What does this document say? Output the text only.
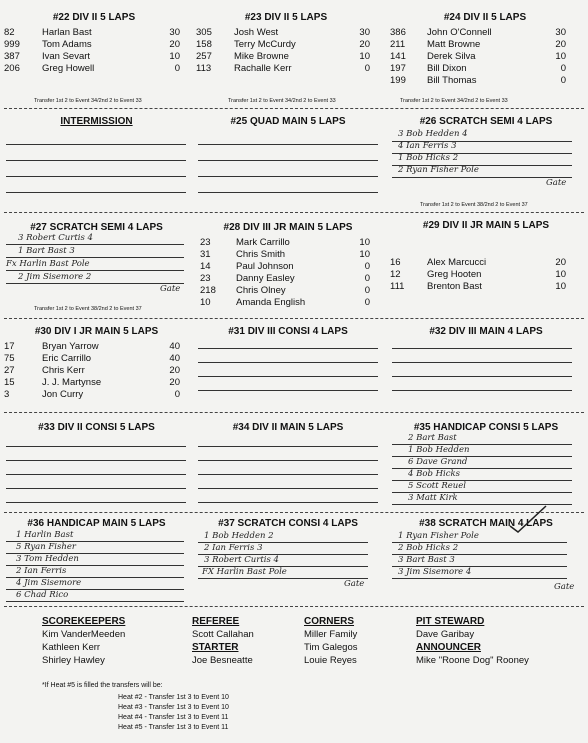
#22 DIV II 5 LAPS
82	Harlan Bast	30
999 Tom Adams	20
387 Ivan Sevart	10
206 Greg Howell	0
Transfer 1st 2 to Event 34/2nd 2 to Event 33
#23 DIV II 5 LAPS
305 Josh West	30
158 Terry McCurdy	20
257 Mike Browne	10
113 Rachalle Kerr	0
Transfer 1st 2 to Event 34/2nd 2 to Event 33
#24 DIV II 5 LAPS
386 John O'Connell	30
211 Matt Browne	20
141 Derek Silva	10
197 Bill Dixon	0
199 Bill Thomas	0
Transfer 1st 2 to Event 34/2nd 2 to Event 33
INTERMISSION	#25 QUAD MAIN 5 LAPS	#26 SCRATCH SEMI 4 LAPS
3 Bob Hedden 4
4 Ian Ferris 3
1 Bob Hicks 2
2 Ryan Fisher Pole
Gate
Transfer 1st 2 to Event 38/2nd 2 to Event 37
#27 SCRATCH SEMI 4 LAPS
3 Robert Curtis 4
1 Bart Bast 3
Fx Harlin Bast Pole
2 Jim Sisemore 2
Gate
Transfer 1st 2 to Event 38/2nd 2 to Event 37
#28 DIV III JR MAIN 5 LAPS
23	Mark Carrillo	10
31	Chris Smith	10
14	Paul Johnson	0
23	Danny Easley	0
218 Chris Olney	0
10	Amanda English	0
#29 DIV II JR MAIN 5 LAPS
16	Alex Marcucci	20
12	Greg Hooten	10
111 Brenton Bast	10
#30 DIV I JR MAIN 5 LAPS
17	Bryan Yarrow	40
75	Eric Carrillo	40
27	Chris Kerr	20
15	J. J. Martynse	20
3	Jon Curry	0
#31 DIV III CONSI 4 LAPS	#32 DIV III MAIN 4 LAPS
#33 DIV II CONSI 5 LAPS	#34 DIV II MAIN 5 LAPS	#35 HANDICAP CONSI 5 LAPS
2 Bart Bast
1 Bob Hedden
6 Dave Grand
4 Bob Hicks
5 Scott Reuel
3 Matt Kirk
#36 HANDICAP MAIN 5 LAPS
1 Harlin Bast
5 Ryan Fisher
3 Tom Hedden
2 Ian Ferris
4 Jim Sisemore
6 Chad Rico
#37 SCRATCH CONSI 4 LAPS
1 Bob Hedden 2
2 Ian Ferris 3
3 Robert Curtis 4
FX Harlin Bast Pole
Gate
#38 SCRATCH MAIN 4 LAPS
1 Ryan Fisher Pole
2 Bob Hicks 2
3 Bart Bast 3
3 Jim Sisemore 4
Gate
SCOREKEEPERS
Kim VanderMeeden
Kathleen Kerr
Shirley Hawley
REFEREE
Scott Callahan
STARTER
Joe Besneatte
CORNERS
Miller Family
Tim Galegos
Louie Reyes
PIT STEWARD
Dave Garibay
ANNOUNCER
Mike "Roone Dog" Rooney
*If Heat #5 is filled the transfers will be:
Heat #2 - Transfer 1st 3 to Event 10
Heat #3 - Transfer 1st 3 to Event 10
Heat #4 - Transfer 1st 3 to Event 11
Heat #5 - Transfer 1st 3 to Event 11
